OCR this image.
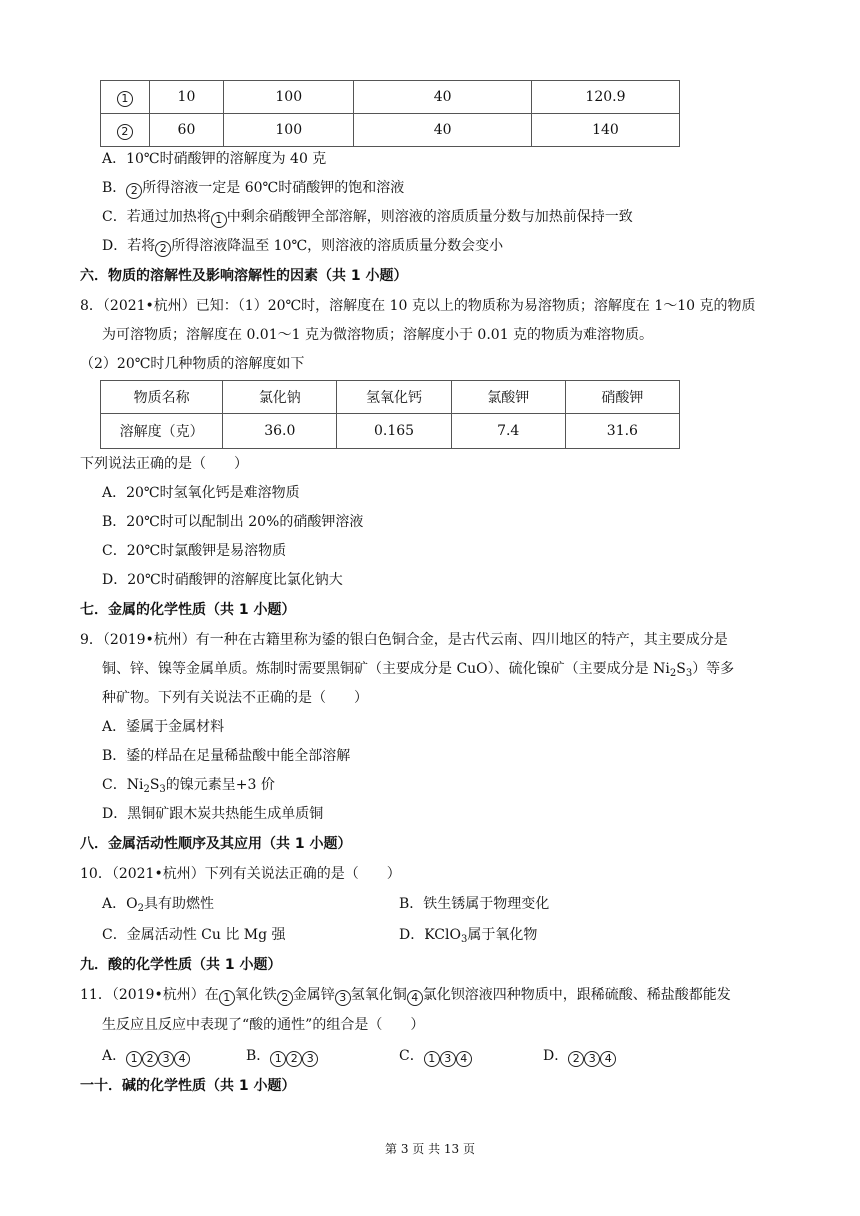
1	10	100	40	120.9
2	60	100	40	140
A．10℃时硝酸钾的溶解度为 40 克
B． 2 所得溶液一定是 60℃时硝酸钾的饱和溶液
C．若通过加热将 1 中剩余硝酸钾全部溶解，则溶液的溶质质量分数与加热前保持一致
D．若将 2 所得溶液降温至 10℃，则溶液的溶质质量分数会变小
六．物质的溶解性及影响溶解性的因素（共 1 小题）
8．（2021•杭州）已知：（1）20℃时，溶解度在 10 克以上的物质称为易溶物质；溶解度在 1～10 克的物质
为可溶物质；溶解度在 0.01～1 克为微溶物质；溶解度小于 0.01 克的物质为难溶物质。
（2）20℃时几种物质的溶解度如下
物质名称	氯化钠	氢氧化钙	氯酸钾	硝酸钾
溶解度（克）	36.0	0.165	7.4	31.6
下列说法正确的是（　　）
A．20℃时氢氧化钙是难溶物质
B．20℃时可以配制出 20%的硝酸钾溶液
C．20℃时氯酸钾是易溶物质
D．20℃时硝酸钾的溶解度比氯化钠大
七．金属的化学性质（共 1 小题）
9．（2019•杭州）有一种在古籍里称为鋈的银白色铜合金，是古代云南、四川地区的特产，其主要成分是
铜、锌、镍等金属单质。炼制时需要黑铜矿（主要成分是 CuO）、硫化镍矿（主要成分是 $Ni_2S_3$）等多
种矿物。下列有关说法不正确的是（　　）
A．鋈属于金属材料
B．鋈的样品在足量稀盐酸中能全部溶解
C．$Ni_2S_3$的镍元素呈+3 价
D．黑铜矿跟木炭共热能生成单质铜
八．金属活动性顺序及其应用（共 1 小题）
10．（2021•杭州）下列有关说法正确的是（　　）
A．$O_2$具有助燃性	B．铁生锈属于物理变化
C．金属活动性 Cu 比 Mg 强	D．KClO$_3$属于氧化物
九．酸的化学性质（共 1 小题）
11．（2019•杭州）在 1 氧化铁 2 金属锌 3 氢氧化铜 4 氯化钡溶液四种物质中，跟稀硫酸、稀盐酸都能发
生反应且反应中表现了“酸的通性”的组合是（　　）
A． 1 2 3 4	B． 1 2 3	C． 1 3 4	D． 2 3 4
一十．碱的化学性质（共 1 小题）
第 3 页 共 13 页
